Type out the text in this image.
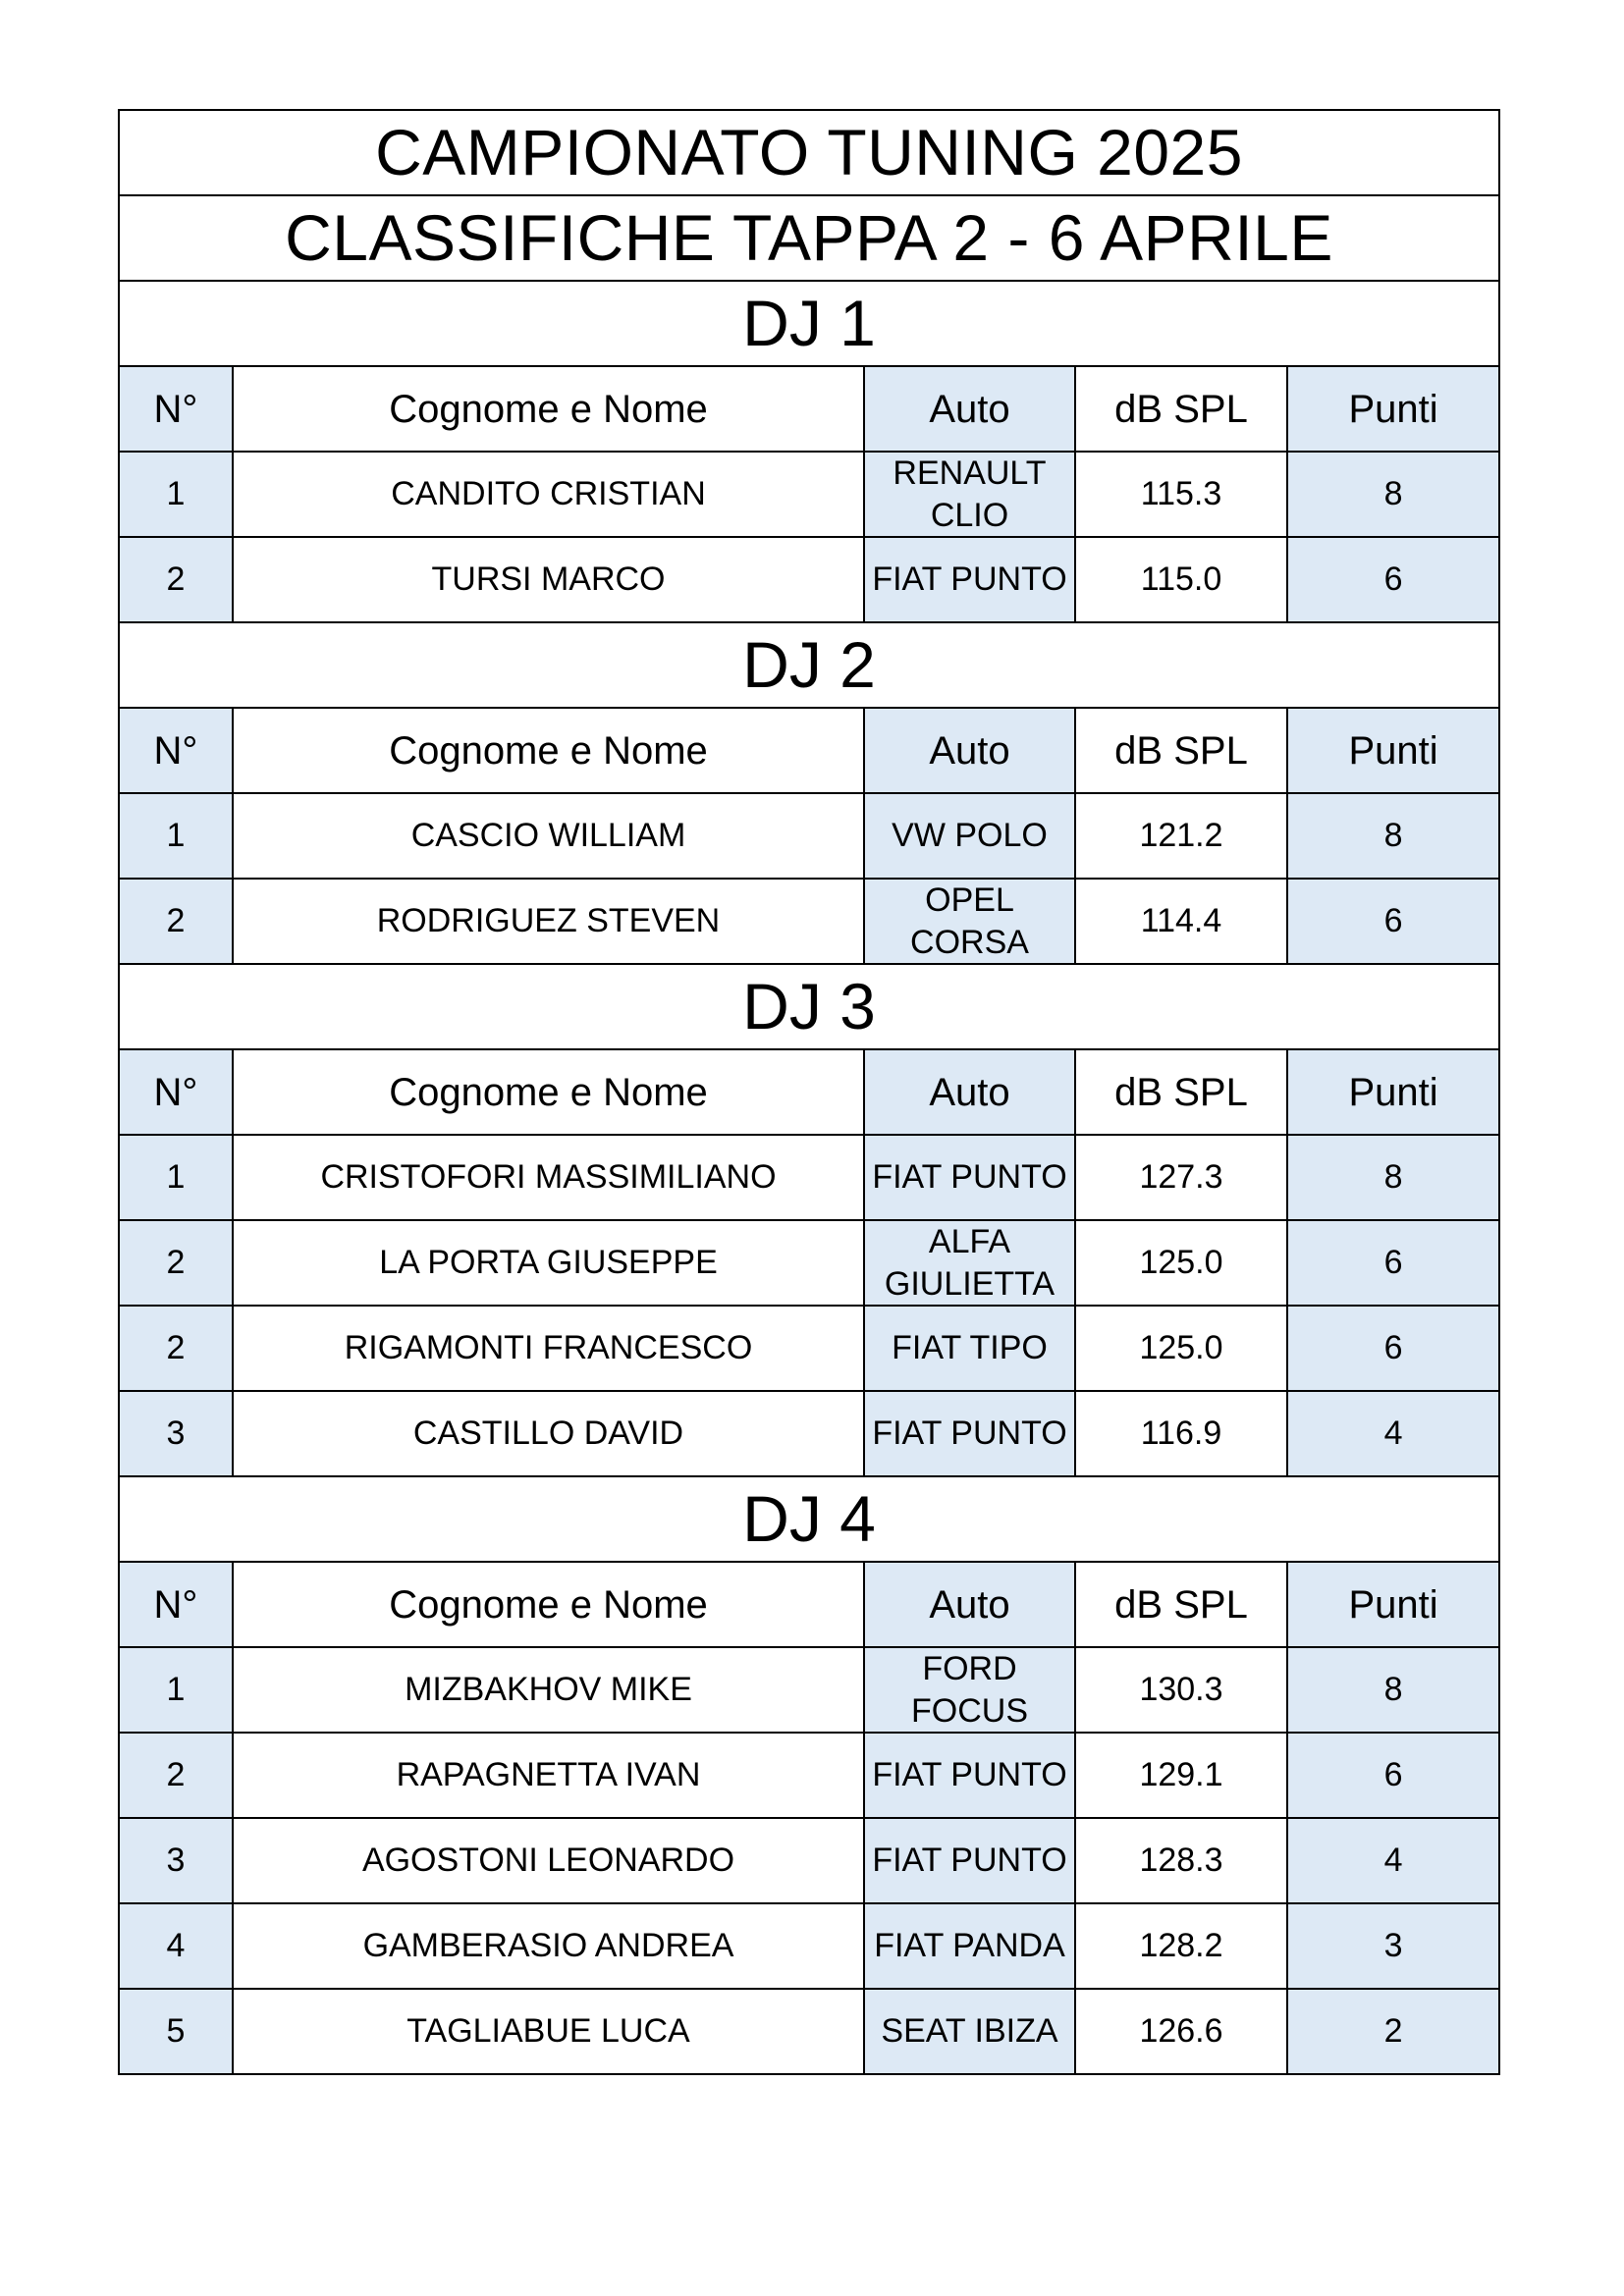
CAMPIONATO TUNING 2025				
CLASSIFICHE TAPPA 2 - 6 APRILE				
DJ 1				
N°	Cognome e Nome	Auto	dB SPL	Punti
1	CANDITO CRISTIAN	RENAULT CLIO	115.3	8
2	TURSI MARCO	FIAT PUNTO	115.0	6
DJ 2				
N°	Cognome e Nome	Auto	dB SPL	Punti
1	CASCIO WILLIAM	VW POLO	121.2	8
2	RODRIGUEZ STEVEN	OPEL CORSA	114.4	6
DJ 3				
N°	Cognome e Nome	Auto	dB SPL	Punti
1	CRISTOFORI MASSIMILIANO	FIAT PUNTO	127.3	8
2	LA PORTA GIUSEPPE	ALFA GIULIETTA	125.0	6
2	RIGAMONTI FRANCESCO	FIAT TIPO	125.0	6
3	CASTILLO DAVID	FIAT PUNTO	116.9	4
DJ 4				
N°	Cognome e Nome	Auto	dB SPL	Punti
1	MIZBAKHOV MIKE	FORD FOCUS	130.3	8
2	RAPAGNETTA IVAN	FIAT PUNTO	129.1	6
3	AGOSTONI LEONARDO	FIAT PUNTO	128.3	4
4	GAMBERASIO ANDREA	FIAT PANDA	128.2	3
5	TAGLIABUE LUCA	SEAT IBIZA	126.6	2
